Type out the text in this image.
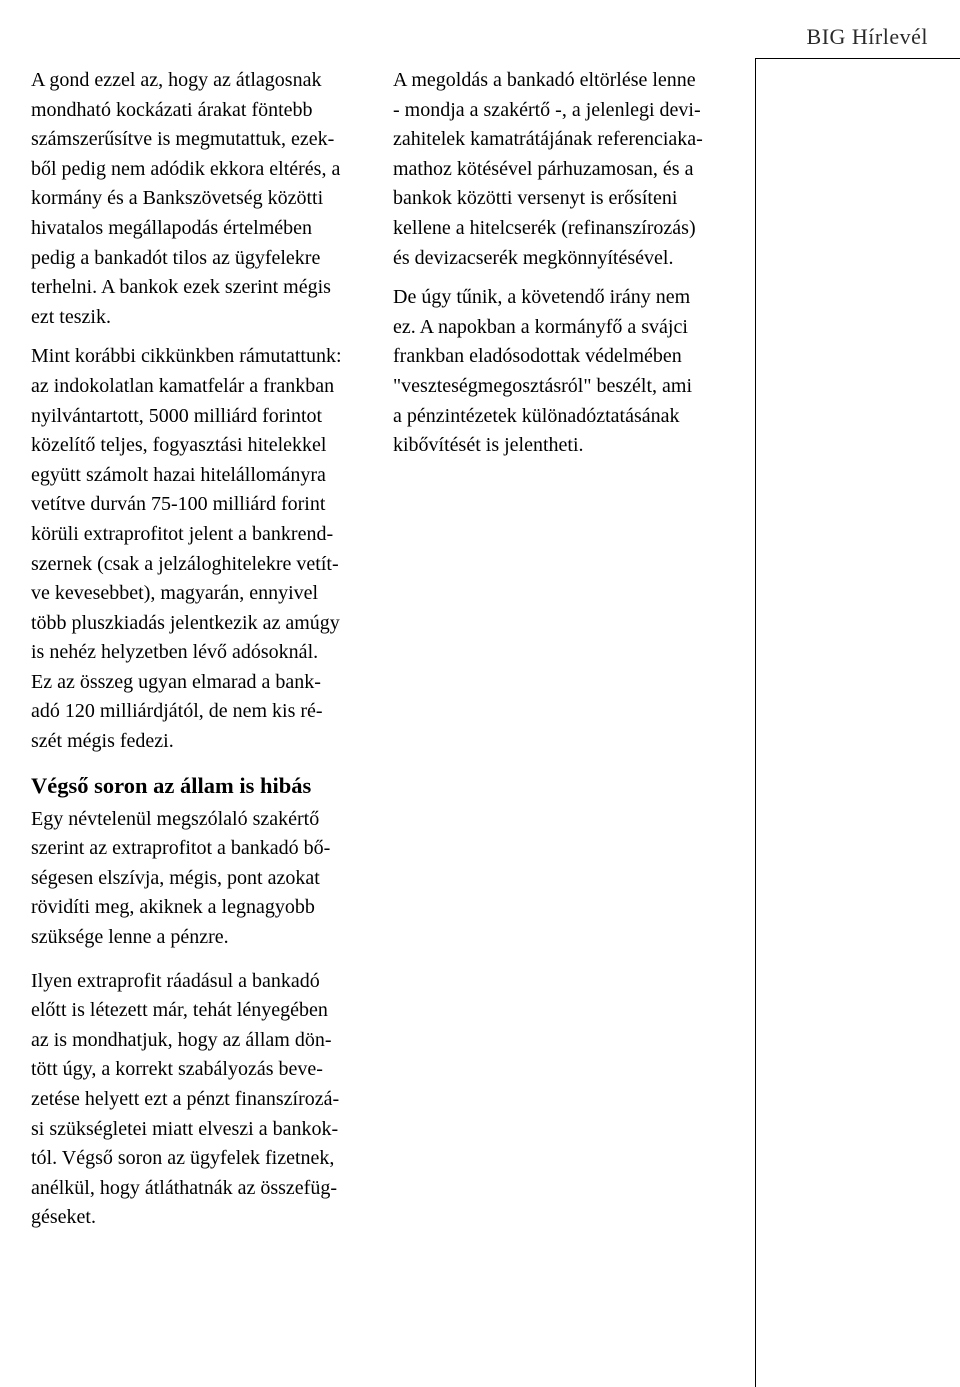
BIG Hírlevél

A gond ezzel az, hogy az átlagosnak
mondható kockázati árakat föntebb
számszerűsítve is megmutattuk, ezek-
ből pedig nem adódik ekkora eltérés, a
kormány és a Bankszövetség közötti
hivatalos megállapodás értelmében
pedig a bankadót tilos az ügyfelekre
terhelni. A bankok ezek szerint mégis
ezt teszik.

Mint korábbi cikkünkben rámutattunk:
az indokolatlan kamatfelár a frankban
nyilvántartott, 5000 milliárd forintot
közelítő teljes, fogyasztási hitelekkel
együtt számolt hazai hitelállományra
vetítve durván 75-100 milliárd forint
körüli extraprofitot jelent a bankrend-
szernek (csak a jelzáloghitelekre vetít-
ve kevesebbet), magyarán, ennyivel
több pluszkiadás jelentkezik az amúgy
is nehéz helyzetben lévő adósoknál.
Ez az összeg ugyan elmarad a bank-
adó 120 milliárdjától, de nem kis ré-
szét mégis fedezi.

Végső soron az állam is hibás

Egy névtelenül megszólaló szakértő
szerint az extraprofitot a bankadó bő-
ségesen elszívja, mégis, pont azokat
rövidíti meg, akiknek a legnagyobb
szüksége lenne a pénzre.

Ilyen extraprofit ráadásul a bankadó
előtt is létezett már, tehát lényegében
az is mondhatjuk, hogy az állam dön-
tött úgy, a korrekt szabályozás beve-
zetése helyett ezt a pénzt finanszírozá-
si szükségletei miatt elveszi a bankok-
tól. Végső soron az ügyfelek fizetnek,
anélkül, hogy átláthatnák az összefüg-
géseket.

A megoldás a bankadó eltörlése lenne
- mondja a szakértő -, a jelenlegi devi-
zahitelek kamatrátájának referenciaka-
mathoz kötésével párhuzamosan, és a
bankok közötti versenyt is erősíteni
kellene a hitelcserék (refinanszírozás)
és devizacserék megkönnyítésével.

De úgy tűnik, a követendő irány nem
ez. A napokban a kormányfő a svájci
frankban eladósodottak védelmében
"veszteségmegosztásról" beszélt, ami
a pénzintézetek különadóztatásának
kibővítését is jelentheti.
